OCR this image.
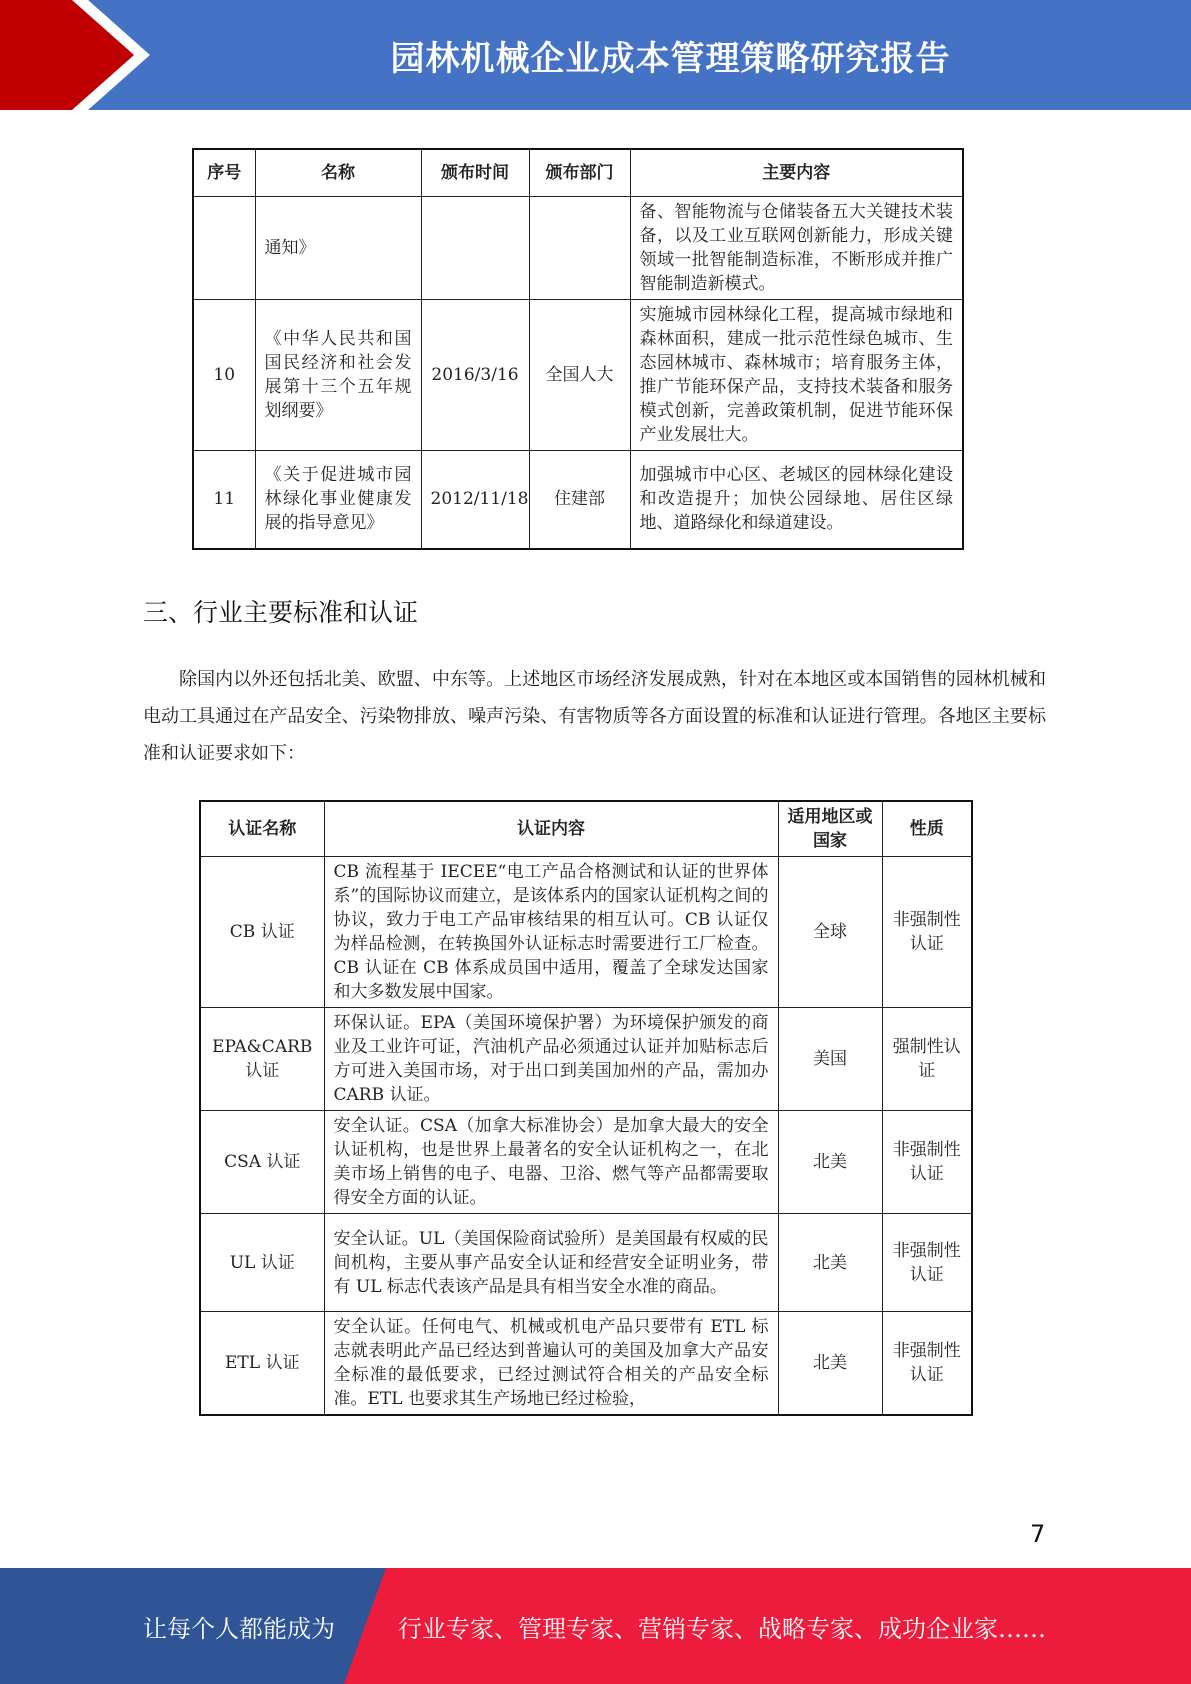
园林机械企业成本管理策略研究报告
序号	名称	颁布时间	颁布部门	主要内容
	通知》			备、智能物流与仓储装备五大关键技术装备，以及工业互联网创新能力，形成关键领域一批智能制造标准，不断形成并推广智能制造新模式。
10	《中华人民共和国国民经济和社会发展第十三个五年规划纲要》	2016/3/16	全国人大	实施城市园林绿化工程，提高城市绿地和森林面积，建成一批示范性绿色城市、生态园林城市、森林城市；培育服务主体，推广节能环保产品，支持技术装备和服务模式创新，完善政策机制，促进节能环保产业发展壮大。
11	《关于促进城市园林绿化事业健康发展的指导意见》	2012/11/18	住建部	加强城市中心区、老城区的园林绿化建设和改造提升；加快公园绿地、居住区绿地、道路绿化和绿道建设。
三、行业主要标准和认证
除国内以外还包括北美、欧盟、中东等。上述地区市场经济发展成熟，针对在本地区或本国销售的园林机械和电动工具通过在产品安全、污染物排放、噪声污染、有害物质等各方面设置的标准和认证进行管理。各地区主要标准和认证要求如下：
认证名称	认证内容	适用地区或国家	性质
CB 认证	CB 流程基于 IECEE“电工产品合格测试和认证的世界体系”的国际协议而建立，是该体系内的国家认证机构之间的协议，致力于电工产品审核结果的相互认可。CB 认证仅为样品检测，在转换国外认证标志时需要进行工厂检查。CB 认证在 CB 体系成员国中适用，覆盖了全球发达国家和大多数发展中国家。	全球	非强制性认证
EPA&CARB 认证	环保认证。EPA（美国环境保护署）为环境保护颁发的商业及工业许可证，汽油机产品必须通过认证并加贴标志后方可进入美国市场，对于出口到美国加州的产品，需加办 CARB 认证。	美国	强制性认证
CSA 认证	安全认证。CSA（加拿大标准协会）是加拿大最大的安全认证机构，也是世界上最著名的安全认证机构之一，在北美市场上销售的电子、电器、卫浴、燃气等产品都需要取得安全方面的认证。	北美	非强制性认证
UL 认证	安全认证。UL（美国保险商试验所）是美国最有权威的民间机构，主要从事产品安全认证和经营安全证明业务，带有 UL 标志代表该产品是具有相当安全水准的商品。	北美	非强制性认证
ETL 认证	安全认证。任何电气、机械或机电产品只要带有 ETL 标志就表明此产品已经达到普遍认可的美国及加拿大产品安全标准的最低要求，已经过测试符合相关的产品安全标准。ETL 也要求其生产场地已经过检验，	北美	非强制性认证
7
让每个人都能成为	行业专家、管理专家、营销专家、战略专家、成功企业家……
